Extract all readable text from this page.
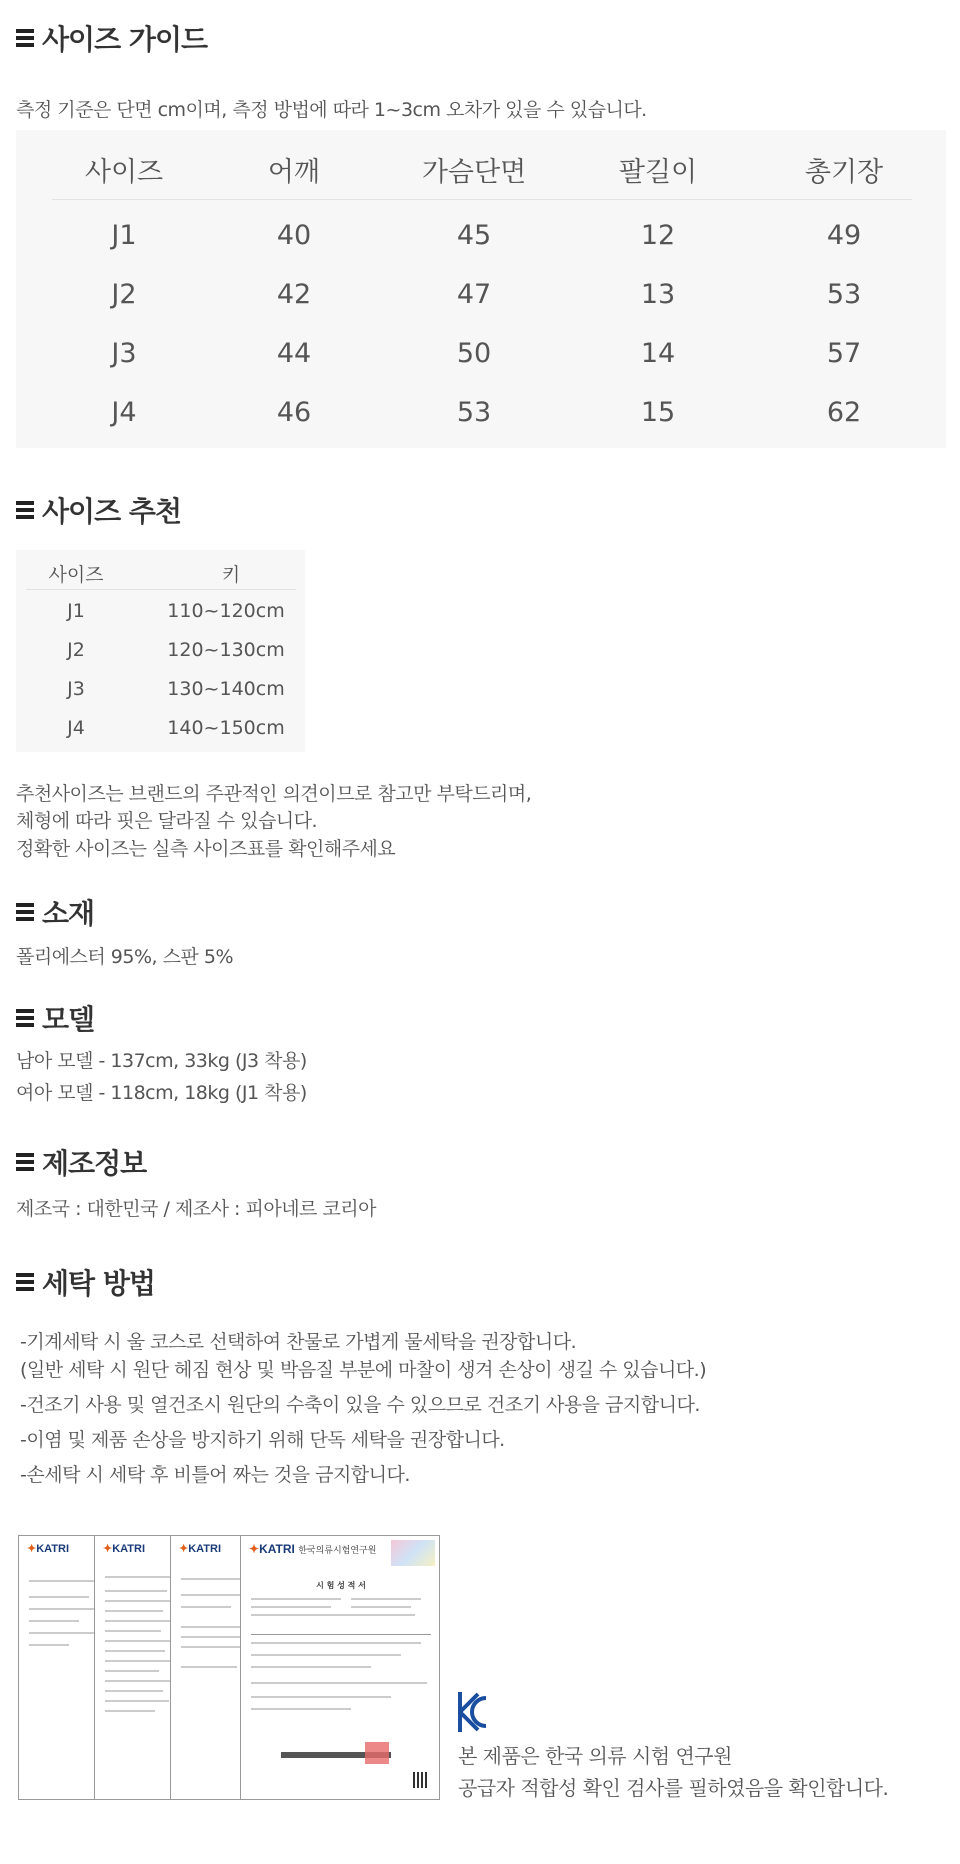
사이즈 가이드
측정 기준은 단면 cm이며, 측정 방법에 따라 1~3cm 오차가 있을 수 있습니다.
사이즈	어깨	가슴단면	팔길이	총기장
J1	40	45	12	49
J2	42	47	13	53
J3	44	50	14	57
J4	46	53	15	62
사이즈 추천
사이즈	키
J1	110~120cm
J2	120~130cm
J3	130~140cm
J4	140~150cm
추천사이즈는 브랜드의 주관적인 의견이므로 참고만 부탁드리며,
체형에 따라 핏은 달라질 수 있습니다.
정확한 사이즈는 실측 사이즈표를 확인해주세요
소재
폴리에스터 95%, 스판 5%
모델
남아 모델 - 137cm, 33kg (J3 착용)
여아 모델 - 118cm, 18kg (J1 착용)
제조정보
제조국 : 대한민국 / 제조사 : 피아네르 코리아
세탁 방법
-기계세탁 시 울 코스로 선택하여 찬물로 가볍게 물세탁을 권장합니다.
(일반 세탁 시 원단 헤짐 현상 및 박음질 부분에 마찰이 생겨 손상이 생길 수 있습니다.)
-건조기 사용 및 열건조시 원단의 수축이 있을 수 있으므로 건조기 사용을 금지합니다.
-이염 및 제품 손상을 방지하기 위해 단독 세탁을 권장합니다.
-손세탁 시 세탁 후 비틀어 짜는 것을 금지합니다.
✦KATRI	✦KATRI	✦KATRI ✦KATRI 한국의류시험연구원
시 험 성 적 서
본 제품은 한국 의류 시험 연구원
공급자 적합성 확인 검사를 필하였음을 확인합니다.
